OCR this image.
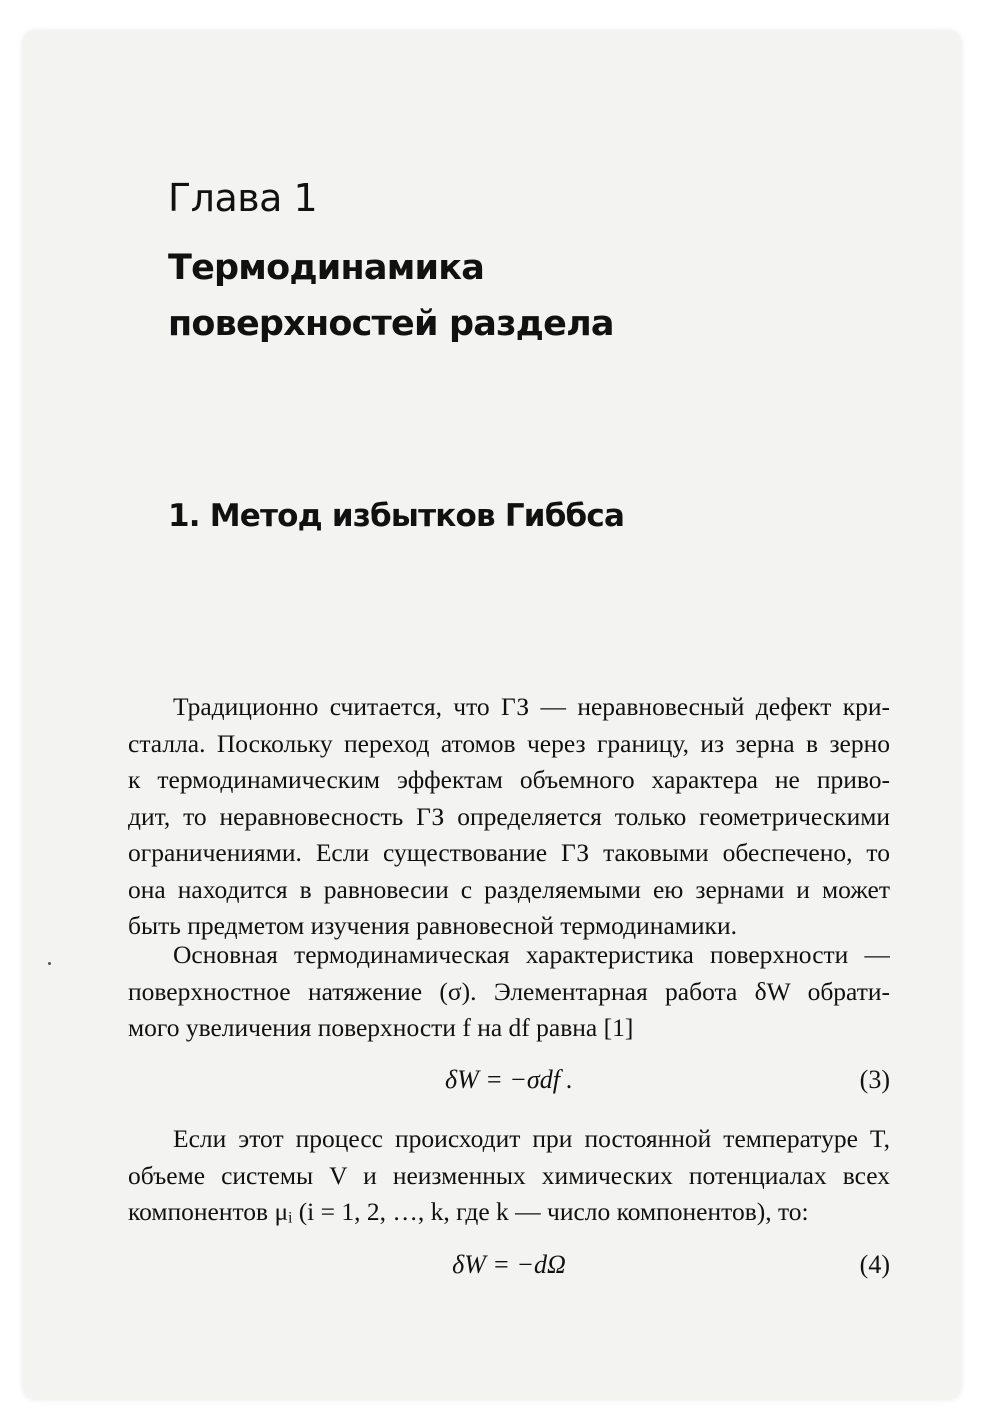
Глава 1
Термодинамика
поверхностей раздела
1. Метод избытков Гиббса
Традиционно считается, что ГЗ — неравновесный дефект кри-
сталла. Поскольку переход атомов через границу, из зерна в зерно
к термодинамическим эффектам объемного характера не приво-
дит, то неравновесность ГЗ определяется только геометрическими
ограничениями. Если существование ГЗ таковыми обеспечено, то
она находится в равновесии с разделяемыми ею зернами и может
быть предметом изучения равновесной термодинамики.
Основная термодинамическая характеристика поверхности —
поверхностное натяжение (σ). Элементарная работа δW обрати-
мого увеличения поверхности f на df равна [1]
δW = −σdf .	(3)
Если этот процесс происходит при постоянной температуре T,
объеме системы V и неизменных химических потенциалах всех
компонентов μᵢ (i = 1, 2, …, k, где k — число компонентов), то:
δW = −dΩ	(4)
